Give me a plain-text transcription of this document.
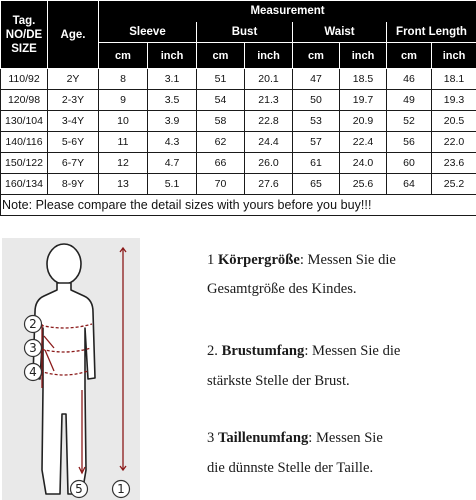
Tag.
NO/DE
SIZE	Age.	Measurement							
		Sleeve		Bust		Waist		Front Length	
		cm	inch	cm	inch	cm	inch	cm	inch
110/92	2Y	8	3.1	51	20.1	47	18.5	46	18.1
120/98	2-3Y	9	3.5	54	21.3	50	19.7	49	19.3
130/104	3-4Y	10	3.9	58	22.8	53	20.9	52	20.5
140/116	5-6Y	11	4.3	62	24.4	57	22.4	56	22.0
150/122	6-7Y	12	4.7	66	26.0	61	24.0	60	23.6
160/134	8-9Y	13	5.1	70	27.6	65	25.6	64	25.2
Note: Please compare the detail sizes with yours before you buy!!!									
2
3
4
5	1
1 Körpergröße: Messen Sie die
Gesamtgröße des Kindes.
2. Brustumfang: Messen Sie die
stärkste Stelle der Brust.
3 Taillenumfang: Messen Sie
die dünnste Stelle der Taille.
